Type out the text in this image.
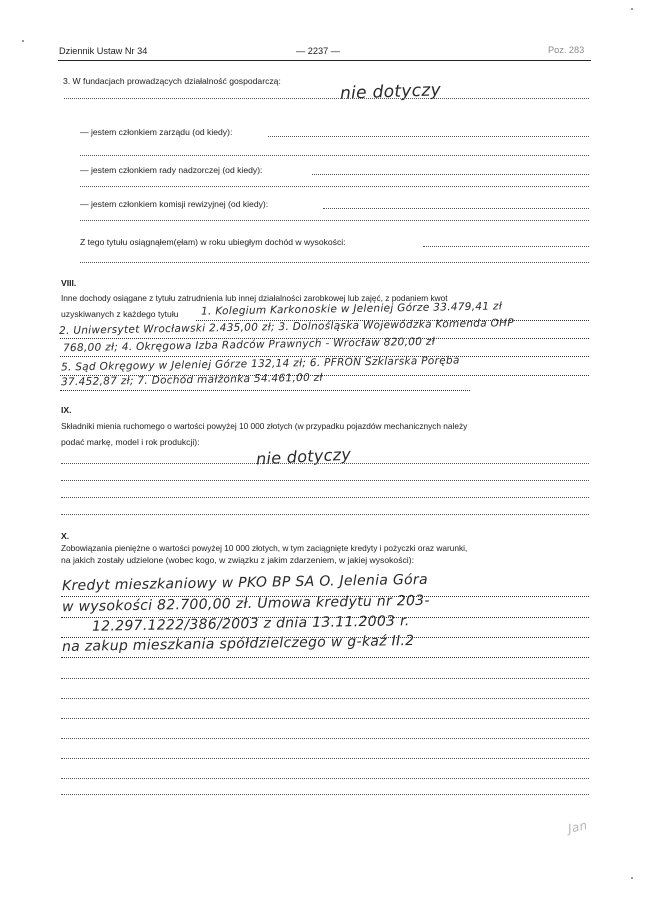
Dziennik Ustaw Nr 34	— 2237 —	Poz. 283
3. W fundacjach prowadzących działalność gospodarczą:	nie dotyczy
— jestem członkiem zarządu (od kiedy):
— jestem członkiem rady nadzorczej (od kiedy):
— jestem członkiem komisji rewizyjnej (od kiedy):
Z tego tytułu osiągnąłem(ęłam) w roku ubiegłym dochód w wysokości:
VIII.
Inne dochody osiągane z tytułu zatrudnienia lub innej działalności zarobkowej lub zajęć, z podaniem kwot
uzyskiwanych z każdego tytułu 1. Kolegium Karkonoskie w Jeleniej Górze 33.479,41 zł
2. Uniwersytet Wrocławski 2.435,00 zł; 3. Dolnośląska Wojewódzka Komenda OHP
768,00 zł; 4. Okręgowa Izba Radców Prawnych - Wrocław 820,00 zł
5. Sąd Okręgowy w Jeleniej Górze 132,14 zł; 6. PFRON Szklarska Poręba
37.452,87 zł; 7. Dochód małżonka 54.461,00 zł
IX.
Składniki mienia ruchomego o wartości powyżej 10 000 złotych (w przypadku pojazdów mechanicznych należy
podać markę, model i rok produkcji):
nie dotyczy
X.
Zobowiązania pieniężne o wartości powyżej 10 000 złotych, w tym zaciągnięte kredyty i pożyczki oraz warunki,
na jakich zostały udzielone (wobec kogo, w związku z jakim zdarzeniem, w jakiej wysokości):
Kredyt mieszkaniowy w PKO BP SA O. Jelenia Góra
w wysokości 82.700,00 zł. Umowa kredytu nr 203-
12.297.1222/386/2003 z dnia 13.11.2003 r.
na zakup mieszkania spółdzielczego w g-kaź II.2
Jan
